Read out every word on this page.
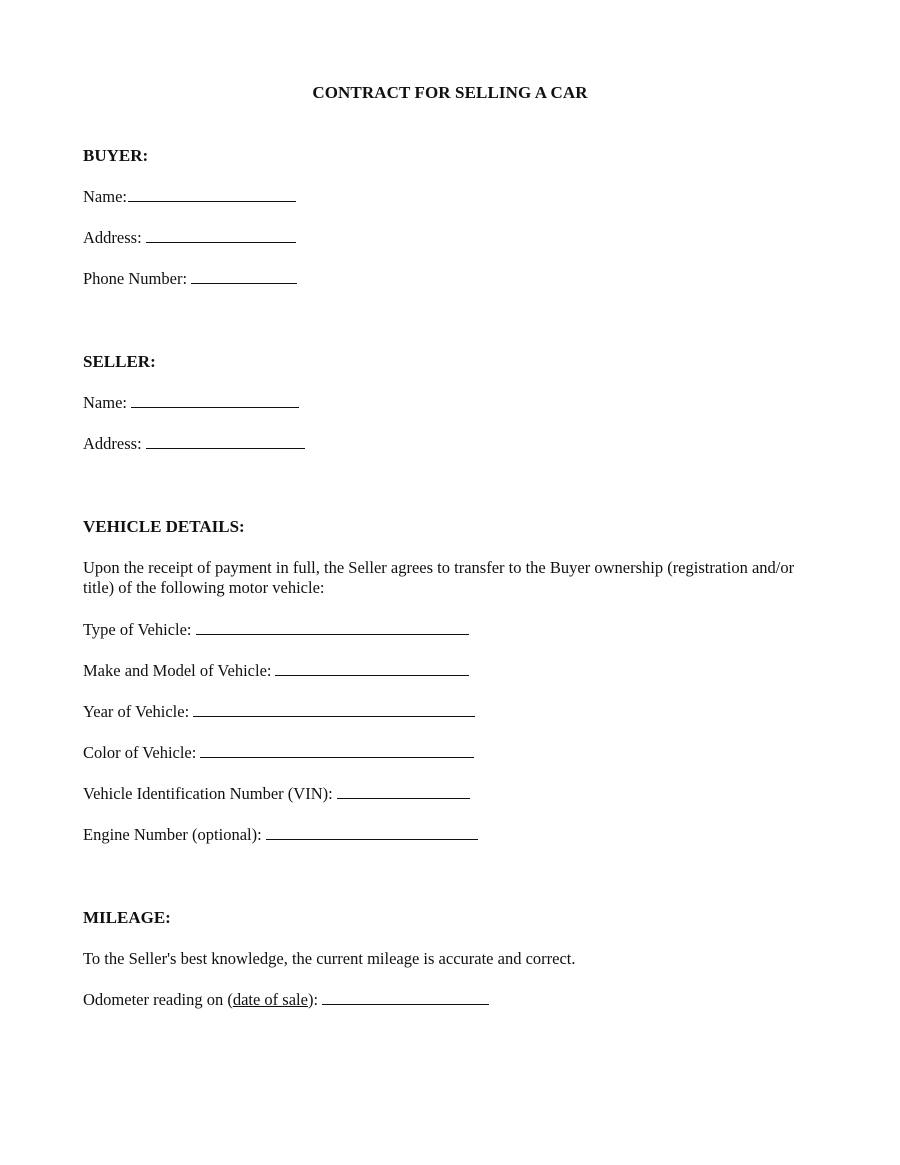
CONTRACT FOR SELLING A CAR
BUYER:
Name:
Address:
Phone Number:
SELLER:
Name:
Address:
VEHICLE DETAILS:
Upon the receipt of payment in full, the Seller agrees to transfer to the Buyer ownership (registration and/or title) of the following motor vehicle:
Type of Vehicle:
Make and Model of Vehicle:
Year of Vehicle:
Color of Vehicle:
Vehicle Identification Number (VIN):
Engine Number (optional):
MILEAGE:
To the Seller's best knowledge, the current mileage is accurate and correct.
Odometer reading on (date of sale):
